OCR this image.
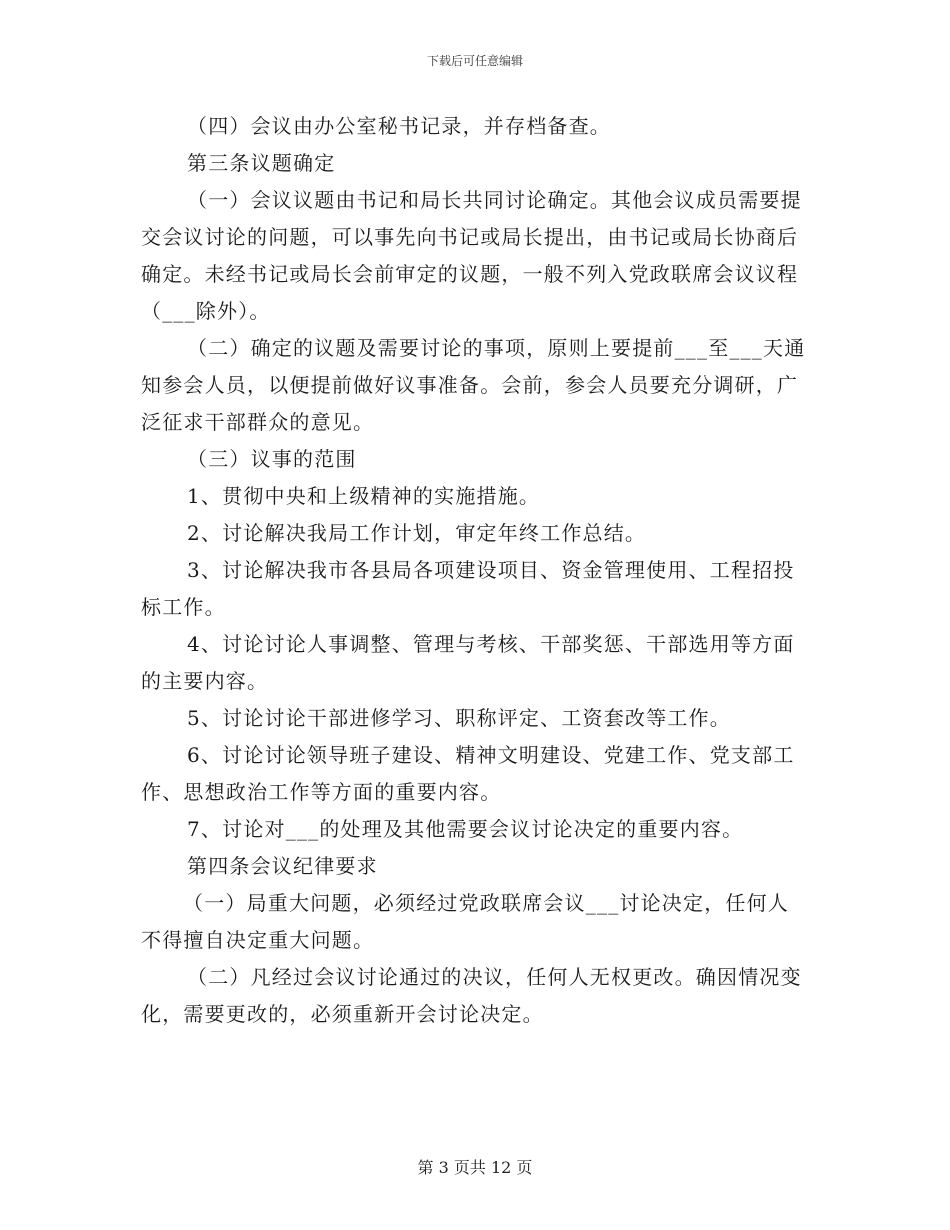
下载后可任意编辑

（四）会议由办公室秘书记录，并存档备查。

第三条议题确定

（一）会议议题由书记和局长共同讨论确定。其他会议成员需要提交会议讨论的问题，可以事先向书记或局长提出，由书记或局长协商后确定。未经书记或局长会前审定的议题，一般不列入党政联席会议议程（___除外）。

（二）确定的议题及需要讨论的事项，原则上要提前___至___天通知参会人员，以便提前做好议事准备。会前，参会人员要充分调研，广泛征求干部群众的意见。

（三）议事的范围

1、贯彻中央和上级精神的实施措施。

2、讨论解决我局工作计划，审定年终工作总结。

3、讨论解决我市各县局各项建设项目、资金管理使用、工程招投标工作。

4、讨论讨论人事调整、管理与考核、干部奖惩、干部选用等方面的主要内容。

5、讨论讨论干部进修学习、职称评定、工资套改等工作。

6、讨论讨论领导班子建设、精神文明建设、党建工作、党支部工作、思想政治工作等方面的重要内容。

7、讨论对___的处理及其他需要会议讨论决定的重要内容。

第四条会议纪律要求

（一）局重大问题，必须经过党政联席会议___讨论决定，任何人不得擅自决定重大问题。

（二）凡经过会议讨论通过的决议，任何人无权更改。确因情况变化，需要更改的，必须重新开会讨论决定。

第 3 页共 12 页
